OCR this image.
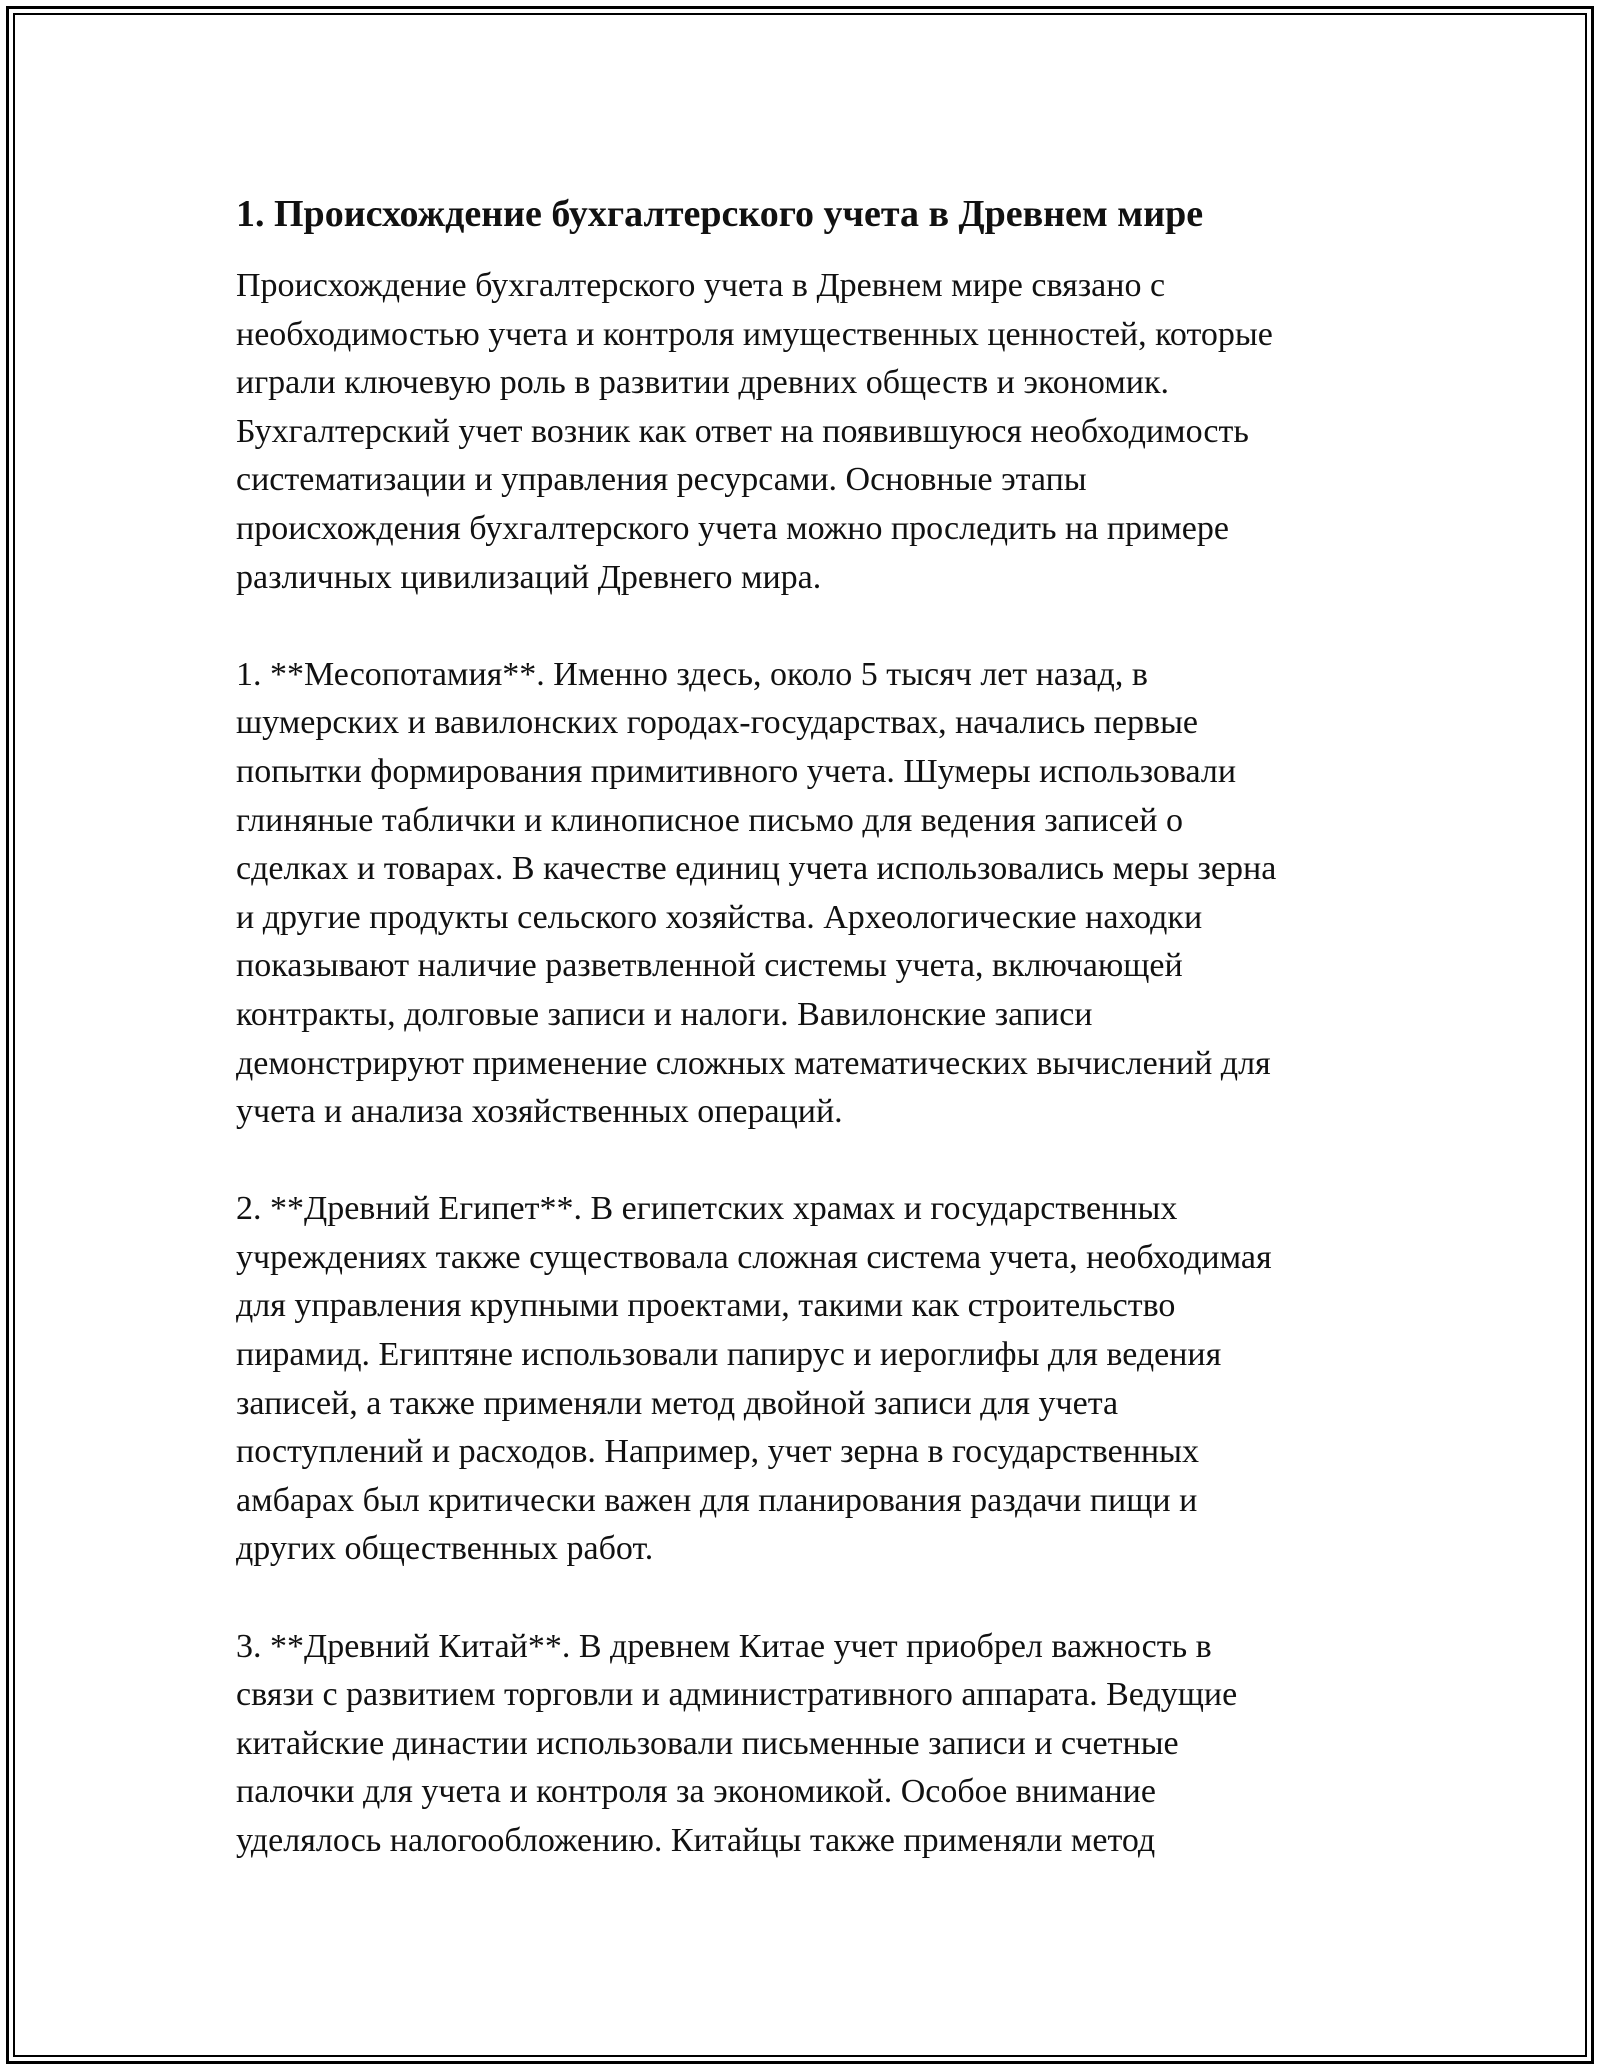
1. Происхождение бухгалтерского учета в Древнем мире
Происхождение бухгалтерского учета в Древнем мире связано с
необходимостью учета и контроля имущественных ценностей, которые
играли ключевую роль в развитии древних обществ и экономик.
Бухгалтерский учет возник как ответ на появившуюся необходимость
систематизации и управления ресурсами. Основные этапы
происхождения бухгалтерского учета можно проследить на примере
различных цивилизаций Древнего мира.
1. **Месопотамия**. Именно здесь, около 5 тысяч лет назад, в
шумерских и вавилонских городах-государствах, начались первые
попытки формирования примитивного учета. Шумеры использовали
глиняные таблички и клинописное письмо для ведения записей о
сделках и товарах. В качестве единиц учета использовались меры зерна
и другие продукты сельского хозяйства. Археологические находки
показывают наличие разветвленной системы учета, включающей
контракты, долговые записи и налоги. Вавилонские записи
демонстрируют применение сложных математических вычислений для
учета и анализа хозяйственных операций.
2. **Древний Египет**. В египетских храмах и государственных
учреждениях также существовала сложная система учета, необходимая
для управления крупными проектами, такими как строительство
пирамид. Египтяне использовали папирус и иероглифы для ведения
записей, а также применяли метод двойной записи для учета
поступлений и расходов. Например, учет зерна в государственных
амбарах был критически важен для планирования раздачи пищи и
других общественных работ.
3. **Древний Китай**. В древнем Китае учет приобрел важность в
связи с развитием торговли и административного аппарата. Ведущие
китайские династии использовали письменные записи и счетные
палочки для учета и контроля за экономикой. Особое внимание
уделялось налогообложению. Китайцы также применяли метод
